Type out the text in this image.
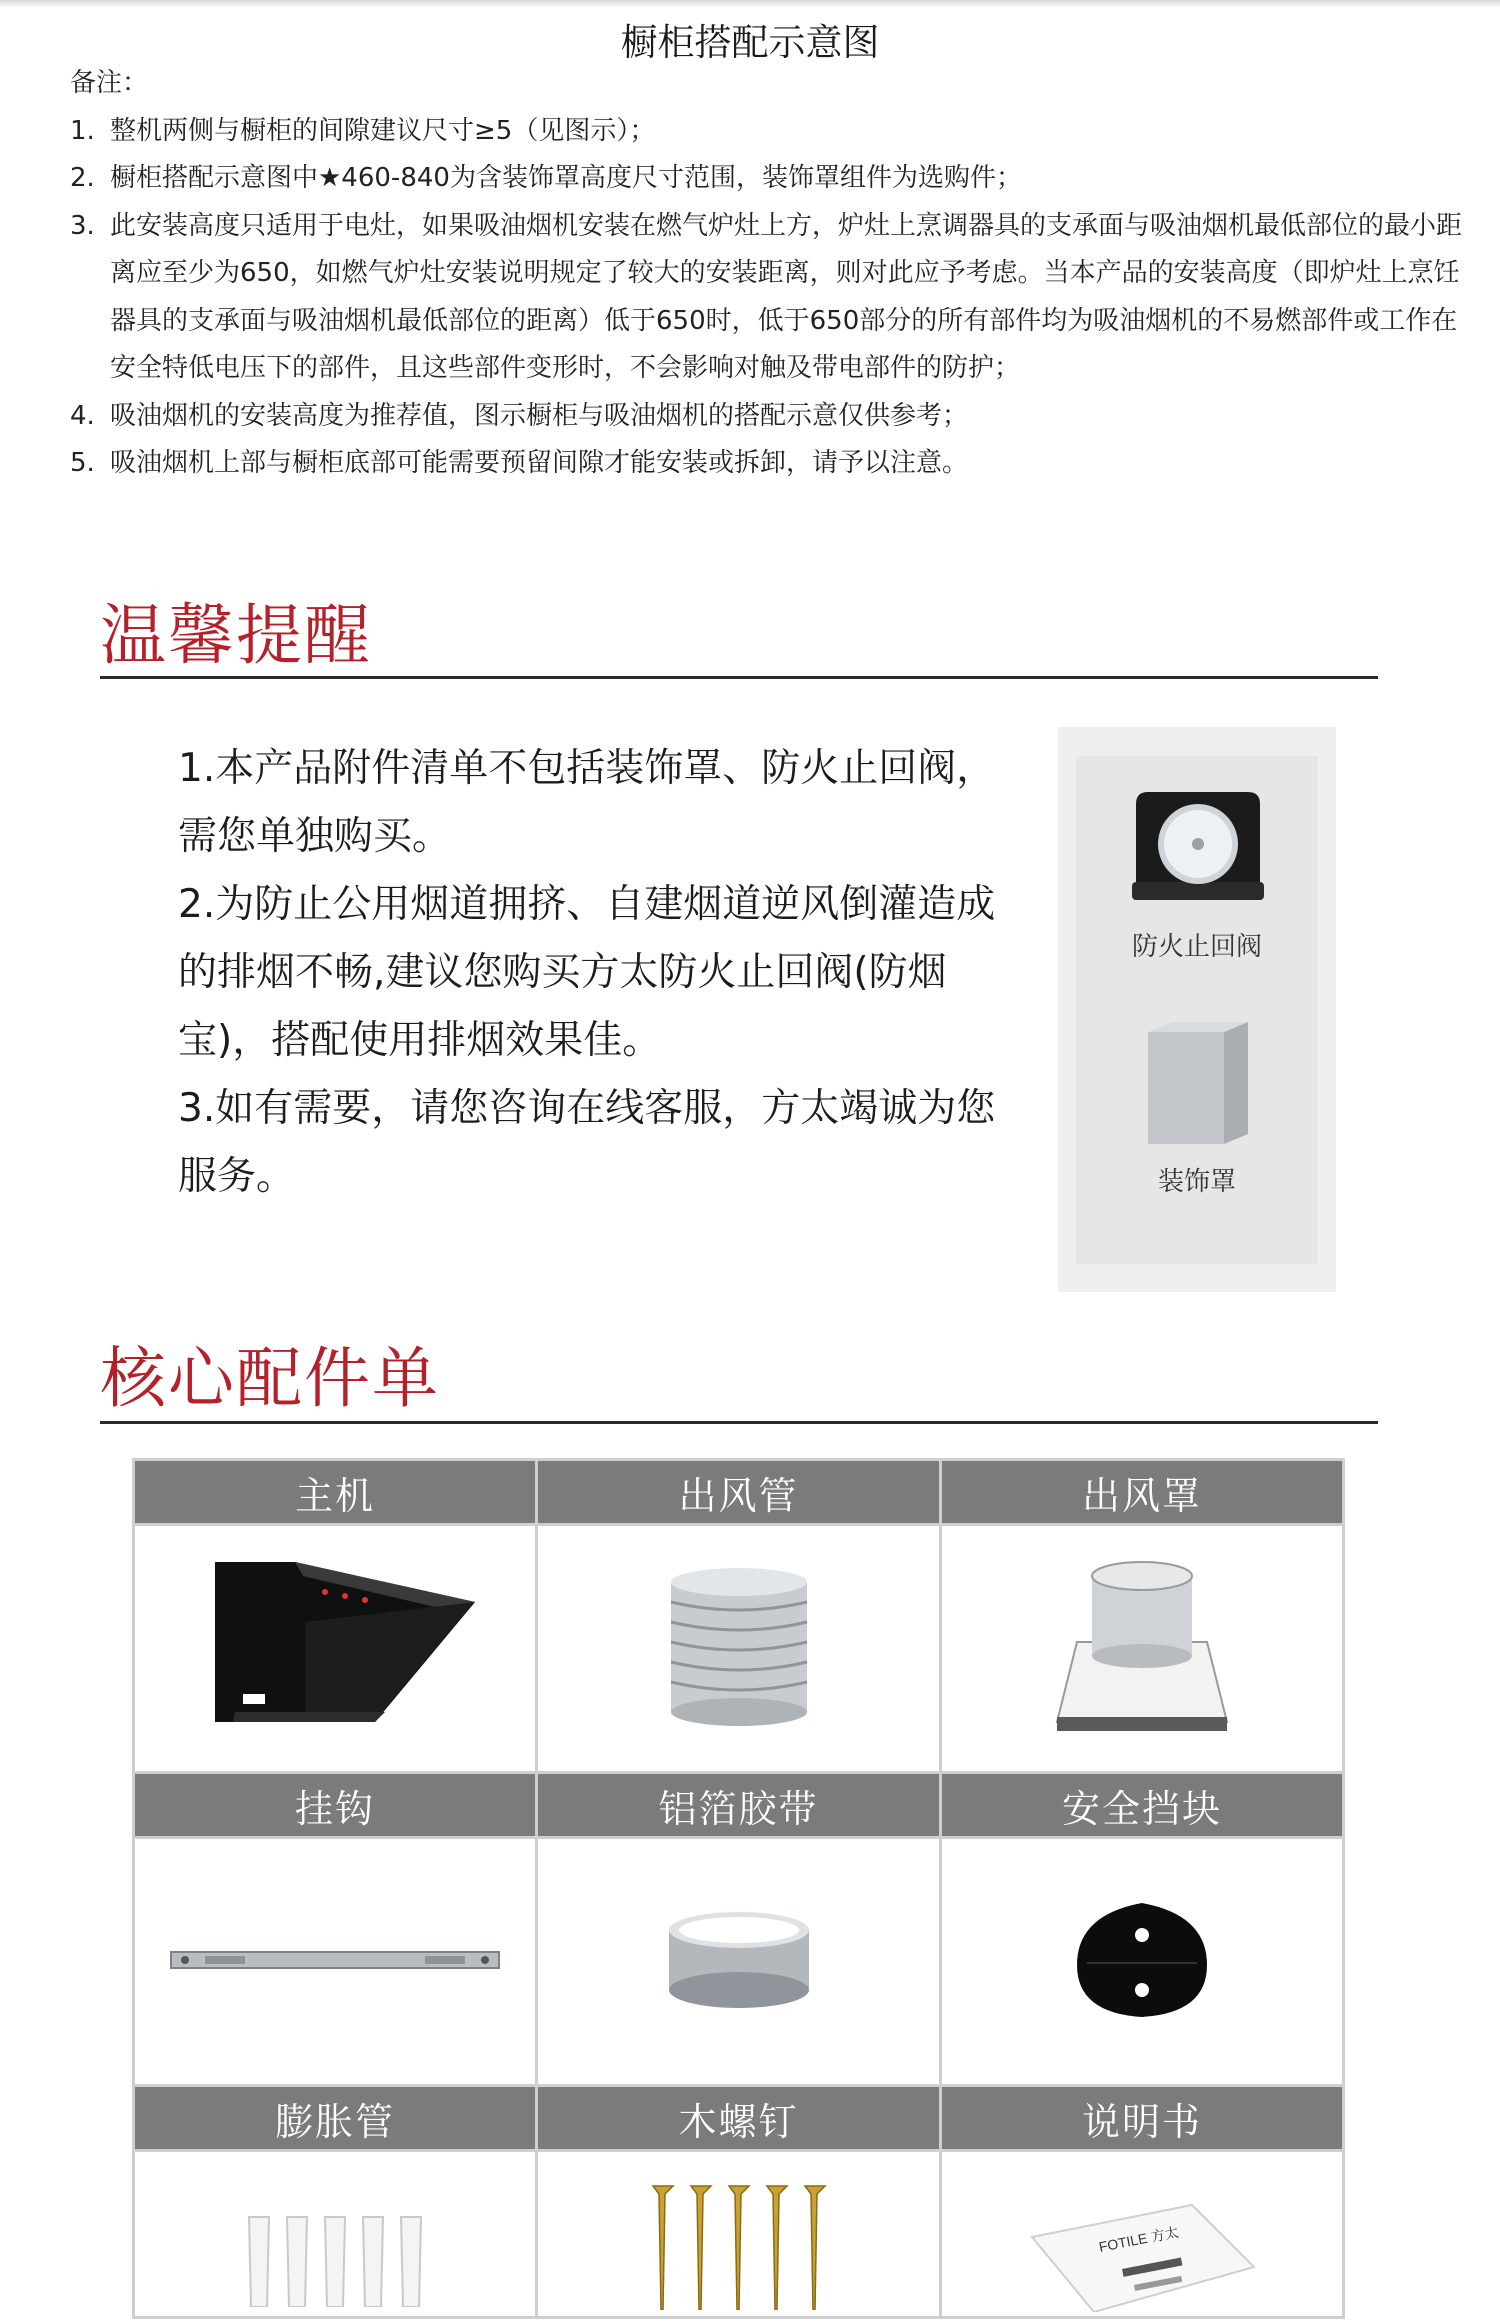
橱柜搭配示意图
备注：
1. 整机两侧与橱柜的间隙建议尺寸≥5（见图示）；
2. 橱柜搭配示意图中★460-840为含装饰罩高度尺寸范围，装饰罩组件为选购件；
3. 此安装高度只适用于电灶，如果吸油烟机安装在燃气炉灶上方，炉灶上烹调器具的支承面与吸油烟机最低部位的最小距离应至少为650，如燃气炉灶安装说明规定了较大的安装距离，则对此应予考虑。当本产品的安装高度（即炉灶上烹饪器具的支承面与吸油烟机最低部位的距离）低于650时，低于650部分的所有部件均为吸油烟机的不易燃部件或工作在安全特低电压下的部件，且这些部件变形时，不会影响对触及带电部件的防护；
4. 吸油烟机的安装高度为推荐值，图示橱柜与吸油烟机的搭配示意仅供参考；
5. 吸油烟机上部与橱柜底部可能需要预留间隙才能安装或拆卸，请予以注意。
温馨提醒

1.本产品附件清单不包括装饰罩、防火止回阀，需您单独购买。

2.为防止公用烟道拥挤、自建烟道逆风倒灌造成的排烟不畅,建议您购买方太防火止回阀(防烟宝)，搭配使用排烟效果佳。

3.如有需要，请您咨询在线客服，方太竭诚为您服务。

防火止回阀
装饰罩
核心配件单
主机	出风管	出风罩

挂钩	铝箔胶带	安全挡块

膨胀管	木螺钉	说明书

FOTILE 方太
